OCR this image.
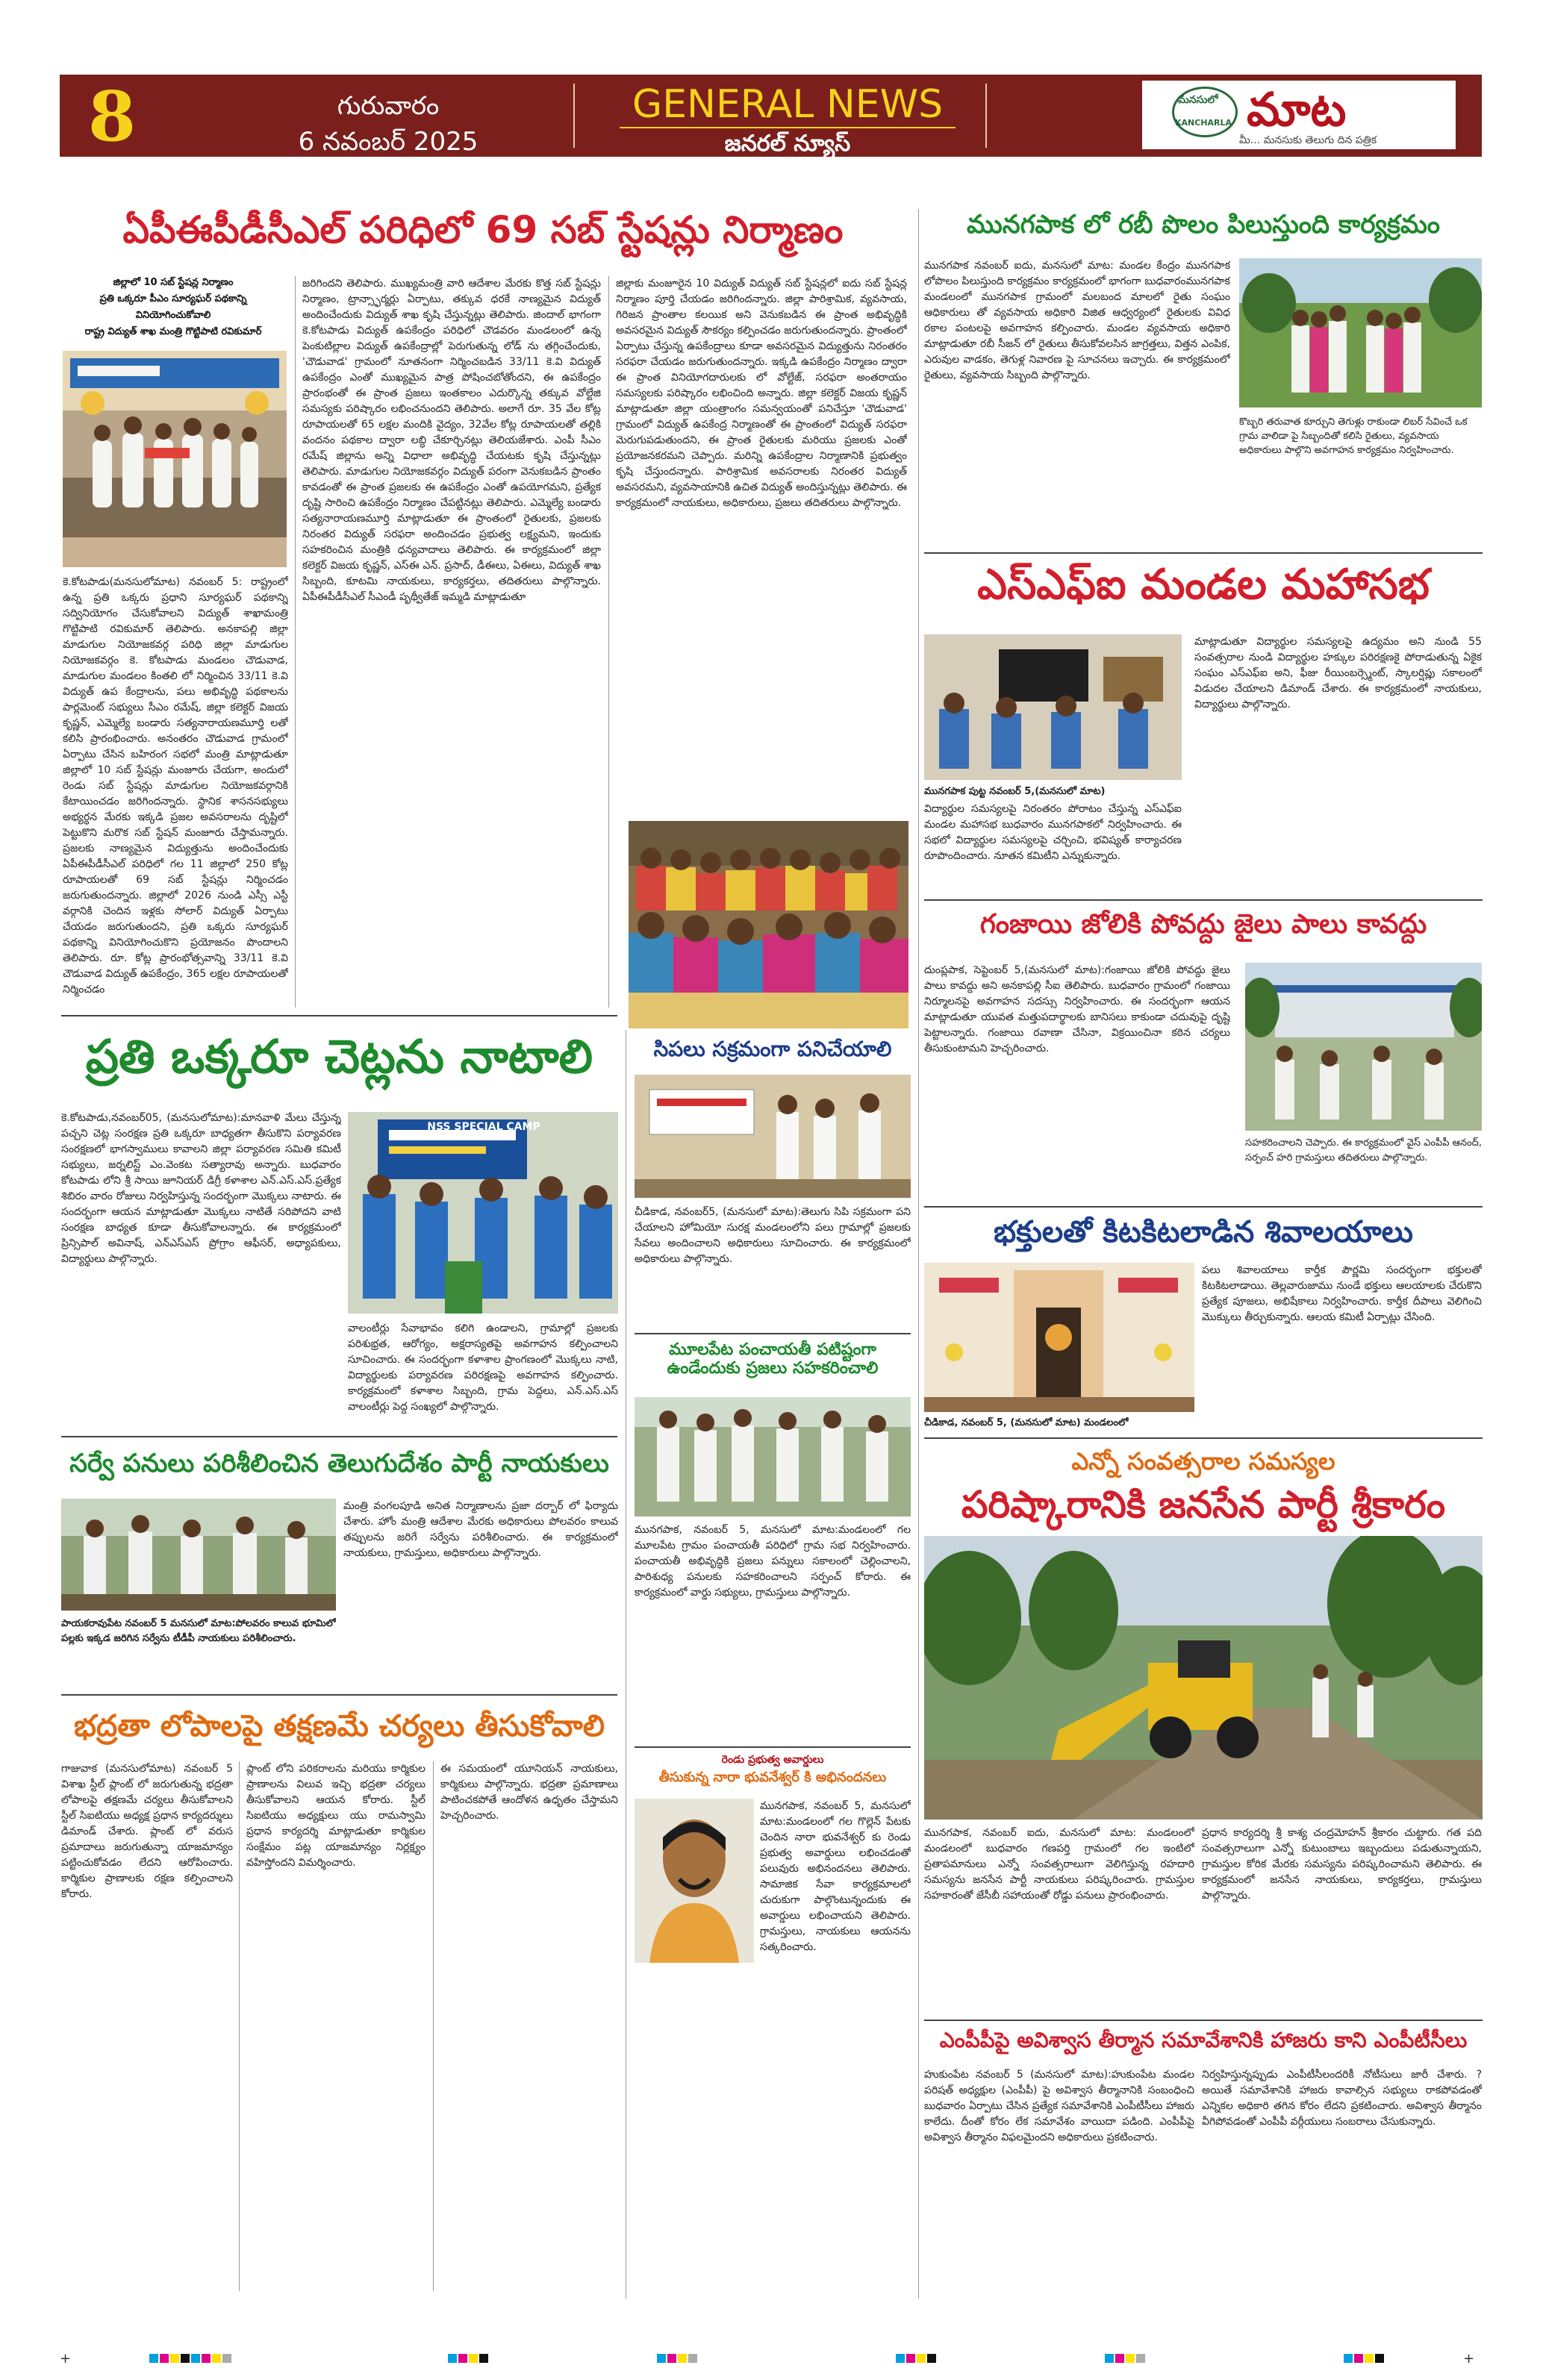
8	గురువారం
6 నవంబర్ 2025
GENERAL NEWS
జనరల్ న్యూస్
మనసులో
KANCHARLA మాట
మీ... మనసుకు తెలుగు దిన పత్రిక
ఏపీఈపీడీసీఎల్ పరిధిలో 69 సబ్ స్టేషన్లు నిర్మాణం
జిల్లాలో 10 సబ్ స్టేషన్ల నిర్మాణం
ప్రతి ఒక్కరూ పీఎం సూర్యఘర్ పథకాన్ని వినియోగించుకోవాలి
రాష్ట్ర విద్యుత్ శాఖ మంత్రి గొట్టిపాటి రవికుమార్
కె.కోటపాడు(మనసులోమాట) నవంబర్ 5: రాష్ట్రంలో ఉన్న ప్రతి ఒక్కరు ప్రధాని సూర్యఘర్ పథకాన్ని సద్వినియోగం చేసుకోవాలని విద్యుత్ శాఖామంత్రి గొట్టిపాటి రవికుమార్ తెలిపారు. అనకాపల్లి జిల్లా మాడుగుల నియోజకవర్గ పరిధి జిల్లా మాడుగుల నియోజకవర్గం కె. కోటపాడు మండలం చౌడువాడ, మాడుగుల మండలం కింతలి లో నిర్మించిన 33/11 కె.వి విద్యుత్ ఉప కేంద్రాలను, పలు అభివృద్ధి పథకాలను పార్లమెంట్ సభ్యులు సీఎం రమేష్, జిల్లా కలెక్టర్ విజయ కృష్ణన్, ఎమ్మెల్యే బండారు సత్యనారాయణమూర్తి లతో కలిసి ప్రారంభించారు. అనంతరం చౌడువాడ గ్రామంలో ఏర్పాటు చేసిన బహిరంగ సభలో మంత్రి మాట్లాడుతూ జిల్లాలో 10 సబ్ స్టేషన్లు మంజూరు చేయగా, అందులో రెండు సబ్ స్టేషన్లు మాడుగుల నియోజకవర్గానికి కేటాయించడం జరిగిందన్నారు. స్థానిక శాసనసభ్యులు అభ్యర్థన మేరకు ఇక్కడి ప్రజల అవసరాలను దృష్టిలో పెట్టుకొని మరొక సబ్ స్టేషన్ మంజూరు చేస్తామన్నారు. ప్రజలకు నాణ్యమైన విద్యుత్తును అందించేందుకు ఏపీఈపీడీసీఎల్ పరిధిలో గల 11 జిల్లాలో 250 కోట్ల రూపాయలతో 69 సబ్ స్టేషన్లు నిర్మించడం జరుగుతుందన్నారు. జిల్లాలో 2026 నుండి ఎస్సీ ఎస్టీ వర్గానికి చెందిన ఇళ్లకు సోలార్ విద్యుత్ ఏర్పాటు చేయడం జరుగుతుందని, ప్రతి ఒక్కరు సూర్యఘర్ పథకాన్ని వినియోగించుకొని ప్రయోజనం పొందాలని తెలిపారు. రూ. కోట్ల ప్రారంభోత్సవాన్ని 33/11 కె.వి చౌడువాడ విద్యుత్ ఉపకేంద్రం, 365 లక్షల రూపాయలతో నిర్మించడం
జరిగిందని తెలిపారు. ముఖ్యమంత్రి వారి ఆదేశాల మేరకు కొత్త సబ్ స్టేషన్లు నిర్మాణం, ట్రాన్స్ఫార్మర్లు ఏర్పాటు, తక్కువ ధరకే నాణ్యమైన విద్యుత్ అందించేందుకు విద్యుత్ శాఖ కృషి చేస్తున్నట్లు తెలిపారు. జిందాల్ భాగంగా కె.కోటపాడు విద్యుత్ ఉపకేంద్రం పరిధిలో చౌడవరం మండలంలో ఉన్న పెంకుటిల్లాల విద్యుత్ ఉపకేంద్రాల్లో పెరుగుతున్న లోడ్ ను తగ్గించేందుకు, 'చౌడువాడ' గ్రామంలో నూతనంగా నిర్మించబడిన 33/11 కె.వి విద్యుత్ ఉపకేంద్రం ఎంతో ముఖ్యమైన పాత్ర పోషించబోతోందని, ఈ ఉపకేంద్రం ప్రారంభంతో ఈ ప్రాంత ప్రజలు ఇంతకాలం ఎదుర్కొన్న తక్కువ వోల్టేజి సమస్యకు పరిష్కారం లభించనుందని తెలిపారు. అలాగే రూ. 35 వేల కోట్ల రూపాయలతో 65 లక్షల మందికి వైద్యం, 32వేల కోట్ల రూపాయలతో తల్లికి వందనం పథకాల ద్వారా లబ్ధి చేకూర్చినట్లు తెలియజేశారు. ఎంపీ సీఎం రమేష్ జిల్లాను అన్ని విధాలా అభివృద్ధి చేయటకు కృషి చేస్తున్నట్లు తెలిపారు. మాడుగుల నియోజకవర్గం విద్యుత్ పరంగా వెనుకబడిన ప్రాంతం కావడంతో ఈ ప్రాంత ప్రజలకు ఈ ఉపకేంద్రం ఎంతో ఉపయోగమని, ప్రత్యేక దృష్టి సారించి ఉపకేంద్రం నిర్మాణం చేపట్టినట్లు తెలిపారు. ఎమ్మెల్యే బండారు సత్యనారాయణమూర్తి మాట్లాడుతూ ఈ ప్రాంతంలో రైతులకు, ప్రజలకు నిరంతర విద్యుత్ సరఫరా అందించడం ప్రభుత్వ లక్ష్యమని, ఇందుకు సహకరించిన మంత్రికి ధన్యవాదాలు తెలిపారు. ఈ కార్యక్రమంలో జిల్లా కలెక్టర్ విజయ కృష్ణన్, ఎస్ఈ ఎన్. ప్రసాద్, డీఈలు, ఏఈలు, విద్యుత్ శాఖ సిబ్బంది, కూటమి నాయకులు, కార్యకర్తలు, తదితరులు పాల్గొన్నారు. ఏపీఈపీడీసీఎల్ సీఎండీ పృథ్వీతేజ్ ఇమ్మడి మాట్లాడుతూ
జిల్లాకు మంజూరైన 10 విద్యుత్ విద్యుత్ సబ్ స్టేషన్లలో ఐదు సబ్ స్టేషన్ల నిర్మాణం పూర్తి చేయడం జరిగిందన్నారు. జిల్లా పారిశ్రామిక, వ్యవసాయ, గిరిజన ప్రాంతాల కలయిక అని వెనుకబడిన ఈ ప్రాంత అభివృద్ధికి అవసరమైన విద్యుత్ సౌకర్యం కల్పించడం జరుగుతుందన్నారు. ప్రాంతంలో ఏర్పాటు చేస్తున్న ఉపకేంద్రాలు కూడా అవసరమైన విద్యుత్తును నిరంతరం సరఫరా చేయడం జరుగుతుందన్నారు. ఇక్కడి ఉపకేంద్రం నిర్మాణం ద్వారా ఈ ప్రాంత వినియోగదారులకు లో వోల్టేజ్, సరఫరా అంతరాయం సమస్యలకు పరిష్కారం లభించింది అన్నారు. జిల్లా కలెక్టర్ విజయ కృష్ణన్ మాట్లాడుతూ జిల్లా యంత్రాంగం సమన్వయంతో పనిచేస్తూ 'చౌడువాడ' గ్రామంలో విద్యుత్ ఉపకేంద్ర నిర్మాణంతో ఈ ప్రాంతంలో విద్యుత్ సరఫరా మెరుగుపడుతుందని, ఈ ప్రాంత రైతులకు మరియు ప్రజలకు ఎంతో ప్రయోజనకరమని చెప్పారు. మరిన్ని ఉపకేంద్రాల నిర్మాణానికి ప్రభుత్వం కృషి చేస్తుందన్నారు. పారిశ్రామిక అవసరాలకు నిరంతర విద్యుత్ అవసరమని, వ్యవసాయానికి ఉచిత విద్యుత్ అందిస్తున్నట్లు తెలిపారు. ఈ కార్యక్రమంలో నాయకులు, అధికారులు, ప్రజలు తదితరులు పాల్గొన్నారు.
ప్రతి ఒక్కరూ చెట్లను నాటాలి
కె.కోటపాడు,నవంబర్05, (మనసులోమాట):మానవాళి మేలు చేస్తున్న పచ్చని చెట్ల సంరక్షణ ప్రతి ఒక్కరూ బాధ్యతగా తీసుకొని పర్యావరణ సంరక్షణలో భాగస్వాములు కావాలని జిల్లా పర్యావరణ సమితి కమిటీ సభ్యులు, జర్నలిస్ట్ ఎం.వెంకట సత్యారావు అన్నారు. బుధవారం కోటపాడు లోని శ్రీ సాయి జూనియర్ డిగ్రీ కళాశాల ఎన్.ఎస్.ఎస్.ప్రత్యేక శిబిరం వారం రోజులు నిర్వహిస్తున్న సందర్భంగా మొక్కలు నాటారు. ఈ సందర్భంగా ఆయన మాట్లాడుతూ మొక్కలు నాటితే సరిపోదని వాటి సంరక్షణ బాధ్యత కూడా తీసుకోవాలన్నారు. ఈ కార్యక్రమంలో ప్రిన్సిపాల్ అవినాష్, ఎన్ఎస్ఎస్ ప్రోగ్రాం ఆఫీసర్, అధ్యాపకులు, విద్యార్థులు పాల్గొన్నారు.
NSS SPECIAL CAMP
వాలంటీర్లు సేవాభావం కలిగి ఉండాలని, గ్రామాల్లో ప్రజలకు పరిశుభ్రత, ఆరోగ్యం, అక్షరాస్యతపై అవగాహన కల్పించాలని సూచించారు. ఈ సందర్భంగా కళాశాల ప్రాంగణంలో మొక్కలు నాటి, విద్యార్థులకు పర్యావరణ పరిరక్షణపై అవగాహన కల్పించారు. కార్యక్రమంలో కళాశాల సిబ్బంది, గ్రామ పెద్దలు, ఎన్.ఎస్.ఎస్ వాలంటీర్లు పెద్ద సంఖ్యలో పాల్గొన్నారు.
సర్వే పనులు పరిశీలించిన తెలుగుదేశం పార్టీ నాయకులు
పాయకరావుపేట నవంబర్ 5 మనసులో మాట:పోలవరం కాలువ భూమిలో పల్లకు ఇక్కడ జరిగిన సర్వేను టీడీపీ నాయకులు పరిశీలించారు.
మంత్రి వంగలపూడి అనిత నిర్మాణాలను ప్రజా దర్బార్ లో ఫిర్యాదు చేశారు. హోం మంత్రి ఆదేశాల మేరకు అధికారులు పోలవరం కాలువ తప్పులను జరిగే సర్వేను పరిశీలించారు. ఈ కార్యక్రమంలో నాయకులు, గ్రామస్తులు, అధికారులు పాల్గొన్నారు.
భద్రతా లోపాలపై తక్షణమే చర్యలు తీసుకోవాలి
గాజువాక (మనసులోమాట) నవంబర్ 5 విశాఖ స్టీల్ ప్లాంట్ లో జరుగుతున్న భద్రతా లోపాలపై తక్షణమే చర్యలు తీసుకోవాలని స్టీల్ సిఐటియు అధ్యక్ష ప్రధాన కార్యదర్శులు డిమాండ్ చేశారు. ప్లాంట్ లో వరుస ప్రమాదాలు జరుగుతున్నా యాజమాన్యం పట్టించుకోవడం లేదని ఆరోపించారు. కార్మికుల ప్రాణాలకు రక్షణ కల్పించాలని కోరారు.
ప్లాంట్ లోని పరికరాలను మరియు కార్మికుల ప్రాణాలను విలువ ఇచ్చి భద్రతా చర్యలు తీసుకోవాలని ఆయన కోరారు. స్టీల్ సిఐటియు అధ్యక్షులు యు రామస్వామి ప్రధాన కార్యదర్శి మాట్లాడుతూ కార్మికుల సంక్షేమం పట్ల యాజమాన్యం నిర్లక్ష్యం వహిస్తోందని విమర్శించారు.
ఈ సమయంలో యూనియన్ నాయకులు, కార్మికులు పాల్గొన్నారు. భద్రతా ప్రమాణాలు పాటించకపోతే ఆందోళన ఉధృతం చేస్తామని హెచ్చరించారు.
సిపలు సక్రమంగా పనిచేయాలి
చీడికాడ, నవంబర్5, (మనసులో మాట):తెలుగు సిపి సక్రమంగా పని చేయాలని హోమియో సురక్ష మండలంలోని పలు గ్రామాల్లో ప్రజలకు సేవలు అందించాలని అధికారులు సూచించారు. ఈ కార్యక్రమంలో అధికారులు పాల్గొన్నారు.
మూలపేట పంచాయతీ పటిష్టంగా ఉండేందుకు ప్రజలు సహకరించాలి
మునగపాక, నవంబర్ 5, మనసులో మాట:మండలంలో గల మూలపేట గ్రామం పంచాయతీ పరిధిలో గ్రామ సభ నిర్వహించారు. పంచాయతీ అభివృద్ధికి ప్రజలు పన్నులు సకాలంలో చెల్లించాలని, పారిశుధ్య పనులకు సహకరించాలని సర్పంచ్ కోరారు. ఈ కార్యక్రమంలో వార్డు సభ్యులు, గ్రామస్తులు పాల్గొన్నారు.
రెండు ప్రభుత్వ అవార్డులు
తీసుకున్న నారా భువనేశ్వర్ కి అభినందనలు
మునగపాక, నవంబర్ 5, మనసులో మాట:మండలంలో గల గొల్లెన్ పేటకు చెందిన నారా భువనేశ్వర్ కు రెండు ప్రభుత్వ అవార్డులు లభించడంతో పలువురు అభినందనలు తెలిపారు. సామాజిక సేవా కార్యక్రమాలలో చురుకుగా పాల్గొంటున్నందుకు ఈ అవార్డులు లభించాయని తెలిపారు. గ్రామస్తులు, నాయకులు ఆయనను సత్కరించారు.
మునగపాక లో రబీ పొలం పిలుస్తుంది కార్యక్రమం
మునగపాక నవంబర్ ఐదు, మనసులో మాట: మండల కేంద్రం మునగపాక లోపొలం పిలుస్తుంది కార్యక్రమం కార్యక్రమంలో భాగంగా బుధవారంమునగపాక మండలంలో మునగపాక గ్రామంలో మలబంద మాలలో రైతు సంఘం ఆధికారులు తో వ్యవసాయ అధికారి విజిత ఆధ్వర్యంలో రైతులకు వివిధ రకాల పంటలపై అవగాహన కల్పించారు. మండల వ్యవసాయ అధికారి మాట్లాడుతూ రబీ సీజన్ లో రైతులు తీసుకోవలసిన జాగ్రత్తలు, విత్తన ఎంపిక, ఎరువుల వాడకం, తెగుళ్ల నివారణ పై సూచనలు ఇచ్చారు. ఈ కార్యక్రమంలో రైతులు, వ్యవసాయ సిబ్బంది పాల్గొన్నారు.
కొబ్బరి తరువాత కూర్చుని తెగుళ్లు రాకుండా లిబర్ సేవించే ఒక గ్రామ వాలిడా పై సిబ్బందితో కలిసి రైతులు, వ్యవసాయ అధికారులు పాల్గొని అవగాహన కార్యక్రమం నిర్వహించారు.
ఎస్ఎఫ్ఐ మండల మహాసభ
మునగపాక పుట్ట నవంబర్ 5,(మనసులో మాట)
విద్యార్థుల సమస్యలపై నిరంతరం పోరాటం చేస్తున్న ఎస్ఎఫ్ఐ మండల మహాసభ బుధవారం మునగపాకలో నిర్వహించారు. ఈ సభలో విద్యార్థుల సమస్యలపై చర్చించి, భవిష్యత్ కార్యాచరణ రూపొందించారు. నూతన కమిటీని ఎన్నుకున్నారు.
మాట్లాడుతూ విద్యార్థుల సమస్యలపై ఉద్యమం అని నుండి 55 సంవత్సరాల నుండి విద్యార్థుల హక్కుల పరిరక్షణకై పోరాడుతున్న ఏకైక సంఘం ఎస్ఎఫ్ఐ అని, ఫీజు రీయింబర్స్మెంట్, స్కాలర్షిప్లు సకాలంలో విడుదల చేయాలని డిమాండ్ చేశారు. ఈ కార్యక్రమంలో నాయకులు, విద్యార్థులు పాల్గొన్నారు.
గంజాయి జోలికి పోవద్దు జైలు పాలు కావద్దు
దుంప్లపాక, సెప్టెంబర్ 5,(మనసులో మాట):గంజాయి జోలికి పోవద్దు జైలు పాలు కావద్దు అని అనకాపల్లి సీఐ తెలిపారు. బుధవారం గ్రామంలో గంజాయి నిర్మూలనపై అవగాహన సదస్సు నిర్వహించారు. ఈ సందర్భంగా ఆయన మాట్లాడుతూ యువత మత్తుపదార్థాలకు బానిసలు కాకుండా చదువుపై దృష్టి పెట్టాలన్నారు. గంజాయి రవాణా చేసినా, విక్రయించినా కఠిన చర్యలు తీసుకుంటామని హెచ్చరించారు.
సహకరించాలని చెప్పారు. ఈ కార్యక్రమంలో వైస్ ఎంపీపీ ఆనంద్, సర్పంచ్ హరి గ్రామస్తులు తదితరులు పాల్గొన్నారు.
భక్తులతో కిటకిటలాడిన శివాలయాలు
చీడికాడ, నవంబర్ 5, (మనసులో మాట) మండలంలో
పలు శివాలయాలు కార్తీక పౌర్ణమి సందర్భంగా భక్తులతో కిటకిటలాడాయి. తెల్లవారుజాము నుండే భక్తులు ఆలయాలకు చేరుకొని ప్రత్యేక పూజలు, అభిషేకాలు నిర్వహించారు. కార్తీక దీపాలు వెలిగించి మొక్కులు తీర్చుకున్నారు. ఆలయ కమిటీ ఏర్పాట్లు చేసింది.
ఎన్నో సంవత్సరాల సమస్యల
పరిష్కారానికి జనసేన పార్టీ శ్రీకారం
మునగపాక, నవంబర్ ఐదు, మనసులో మాట: మండలంలో మండలంలో బుధవారం గణపర్తి గ్రామంలో గల ఇంటిలో ప్రతాపమానులు ఎన్నో సంవత్సరాలుగా వెలిగిస్తున్న రహదారి సమస్యను జనసేన పార్టీ నాయకులు పరిష్కరించారు. గ్రామస్తుల సహకారంతో జేసీబీ సహాయంతో రోడ్డు పనులు ప్రారంభించారు.
ప్రధాన కార్యదర్శి శ్రీ కాశ్య చంద్రమోహన్ శ్రీకారం చుట్టారు. గత పది సంవత్సరాలుగా ఎన్నో కుటుంబాలు ఇబ్బందులు పడుతున్నాయని, గ్రామస్తుల కోరిక మేరకు సమస్యను పరిష్కరించామని తెలిపారు. ఈ కార్యక్రమంలో జనసేన నాయకులు, కార్యకర్తలు, గ్రామస్తులు పాల్గొన్నారు.
ఎంపీపీపై అవిశ్వాస తీర్మాన సమావేశానికి హాజరు కాని ఎంపీటీసీలు
హుకుంపేట నవంబర్ 5 (మనసులో మాట):హుకుంపేట మండల పరిషత్ అధ్యక్షుల (ఎంపీపీ) పై అవిశ్వాస తీర్మానానికి సంబంధించి బుధవారం ఏర్పాటు చేసిన ప్రత్యేక సమావేశానికి ఎంపీటీసీలు హాజరు కాలేదు. దీంతో కోరం లేక సమావేశం వాయిదా పడింది. ఎంపీపీపై అవిశ్వాస తీర్మానం విఫలమైందని అధికారులు ప్రకటించారు.
నిర్వహిస్తున్నప్పుడు ఎంపీటీసీలందరికీ నోటీసులు జారీ చేశారు. ?అయితే సమావేశానికి హాజరు కావాల్సిన సభ్యులు రాకపోవడంతో ఎన్నికల అధికారి తగిన కోరం లేదని ప్రకటించారు. అవిశ్వాస తీర్మానం వీగిపోవడంతో ఎంపీపీ వర్గీయులు సంబరాలు చేసుకున్నారు.
+	+
